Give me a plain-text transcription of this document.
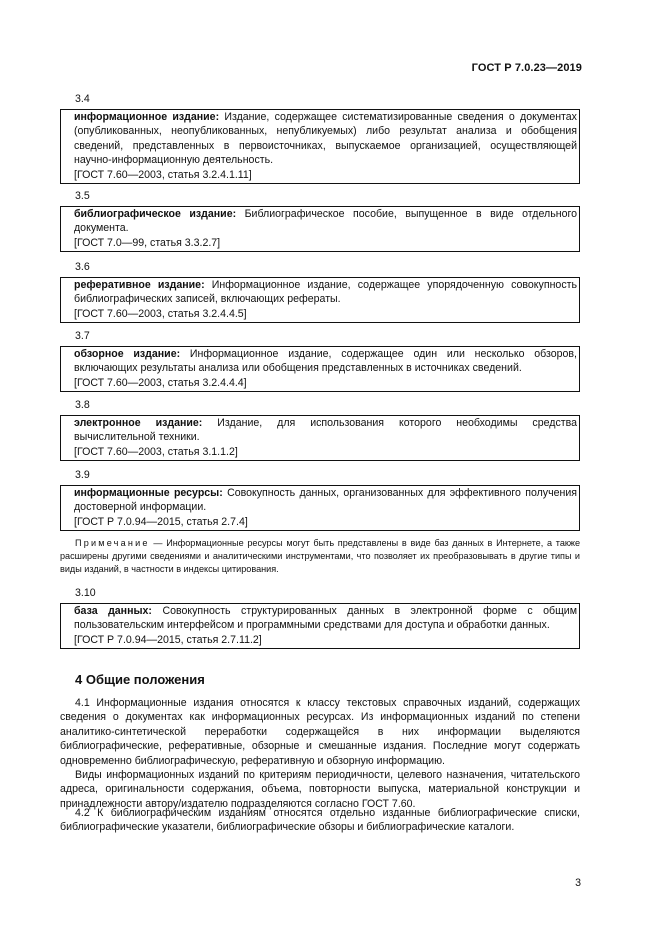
ГОСТ Р 7.0.23—2019
3.4
информационное издание: Издание, содержащее систематизированные сведения о документах (опубликованных, неопубликованных, непубликуемых) либо результат анализа и обобщения сведений, представленных в первоисточниках, выпускаемое организацией, осуществляющей научно-информационную деятельность.
[ГОСТ 7.60—2003, статья 3.2.4.1.11]
3.5
библиографическое издание: Библиографическое пособие, выпущенное в виде отдельного документа.
[ГОСТ 7.0—99, статья 3.3.2.7]
3.6
реферативное издание: Информационное издание, содержащее упорядоченную совокупность библиографических записей, включающих рефераты.
[ГОСТ 7.60—2003, статья 3.2.4.4.5]
3.7
обзорное издание: Информационное издание, содержащее один или несколько обзоров, включающих результаты анализа или обобщения представленных в источниках сведений.
[ГОСТ 7.60—2003, статья 3.2.4.4.4]
3.8
электронное издание: Издание, для использования которого необходимы средства вычислительной техники.
[ГОСТ 7.60—2003, статья 3.1.1.2]
3.9
информационные ресурсы: Совокупность данных, организованных для эффективного получения достоверной информации.
[ГОСТ Р 7.0.94—2015, статья 2.7.4]
Примечание — Информационные ресурсы могут быть представлены в виде баз данных в Интернете, а также расширены другими сведениями и аналитическими инструментами, что позволяет их преобразовывать в другие типы и виды изданий, в частности в индексы цитирования.
3.10
база данных: Совокупность структурированных данных в электронной форме с общим пользовательским интерфейсом и программными средствами для доступа и обработки данных.
[ГОСТ Р 7.0.94—2015, статья 2.7.11.2]
4 Общие положения
4.1 Информационные издания относятся к классу текстовых справочных изданий, содержащих сведения о документах как информационных ресурсах. Из информационных изданий по степени аналитико-синтетической переработки содержащейся в них информации выделяются библиографические, реферативные, обзорные и смешанные издания. Последние могут содержать одновременно библиографическую, реферативную и обзорную информацию.
Виды информационных изданий по критериям периодичности, целевого назначения, читательского адреса, оригинальности содержания, объема, повторности выпуска, материальной конструкции и принадлежности автору/издателю подразделяются согласно ГОСТ 7.60.
4.2 К библиографическим изданиям относятся отдельно изданные библиографические списки, библиографические указатели, библиографические обзоры и библиографические каталоги.
3
